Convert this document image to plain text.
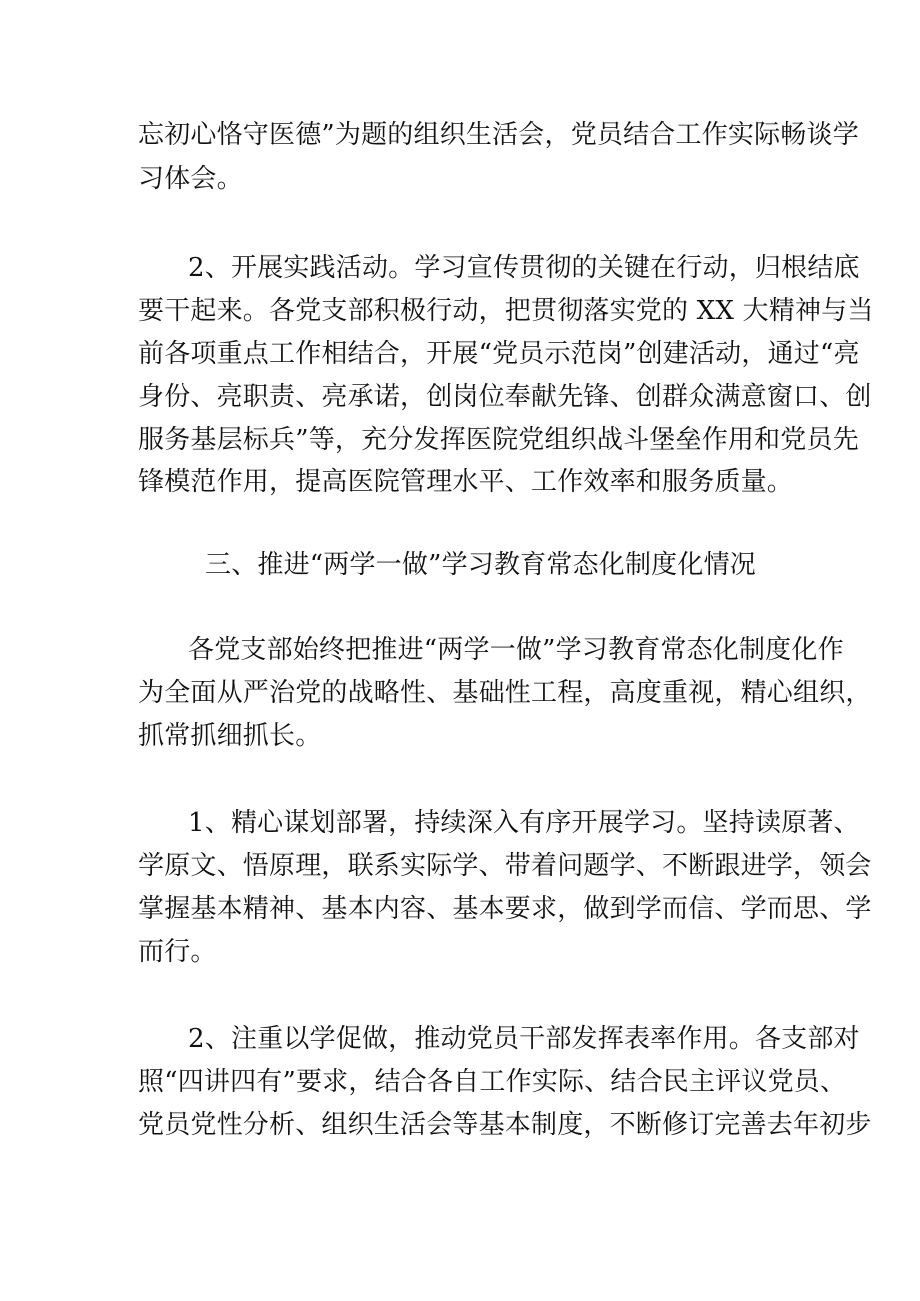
忘初心恪守医德”为题的组织生活会，党员结合工作实际畅谈学
习体会。
2、开展实践活动。学习宣传贯彻的关键在行动，归根结底
要干起来。各党支部积极行动，把贯彻落实党的 XX 大精神与当
前各项重点工作相结合，开展“党员示范岗”创建活动，通过“亮
身份、亮职责、亮承诺，创岗位奉献先锋、创群众满意窗口、创
服务基层标兵”等，充分发挥医院党组织战斗堡垒作用和党员先
锋模范作用，提高医院管理水平、工作效率和服务质量。
三、推进“两学一做”学习教育常态化制度化情况
各党支部始终把推进“两学一做”学习教育常态化制度化作
为全面从严治党的战略性、基础性工程，高度重视，精心组织，
抓常抓细抓长。
1、精心谋划部署，持续深入有序开展学习。坚持读原著、
学原文、悟原理，联系实际学、带着问题学、不断跟进学，领会
掌握基本精神、基本内容、基本要求，做到学而信、学而思、学
而行。
2、注重以学促做，推动党员干部发挥表率作用。各支部对
照“四讲四有”要求，结合各自工作实际、结合民主评议党员、
党员党性分析、组织生活会等基本制度，不断修订完善去年初步
